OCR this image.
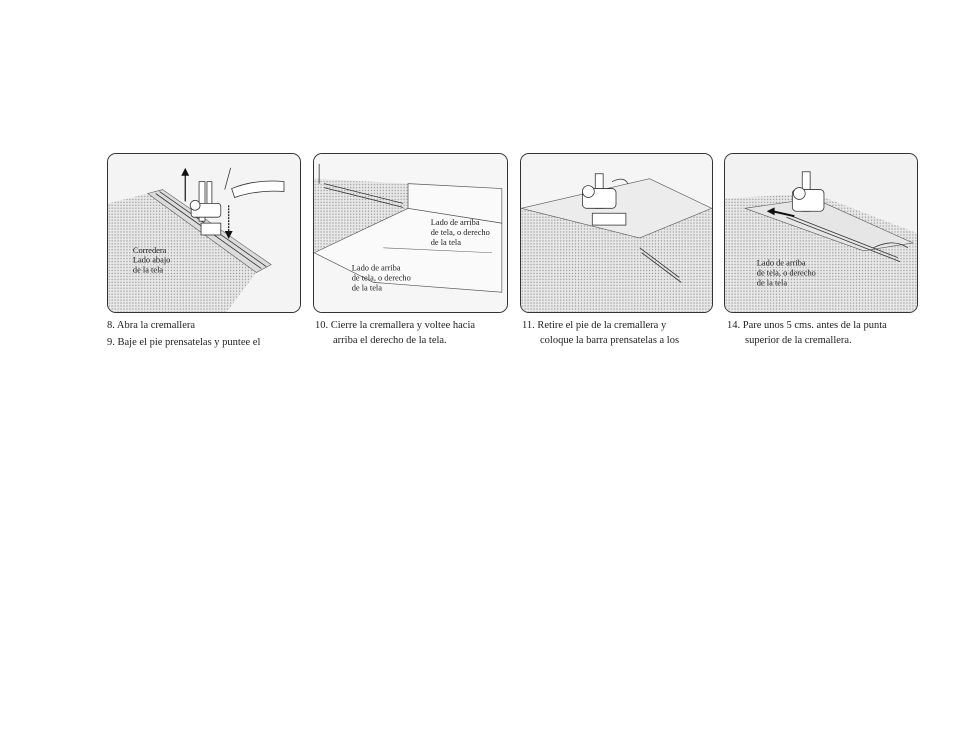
Corredera
Lado abajo
de la tela
Lado de arriba
de tela, o derecho
de la tela
Lado de arriba
de tela, o derecho
de la tela
Lado de arriba
de tela, o derecho
de la tela
8. Abra la cremallera
9. Baje el pie prensatelas y puntee el
10. Cierre la cremallera y voltee hacia
arriba el derecho de la tela.
11. Retire el pie de la cremallera y
coloque la barra prensatelas a los
14. Pare unos 5 cms. antes de la punta
superior de la cremallera.
